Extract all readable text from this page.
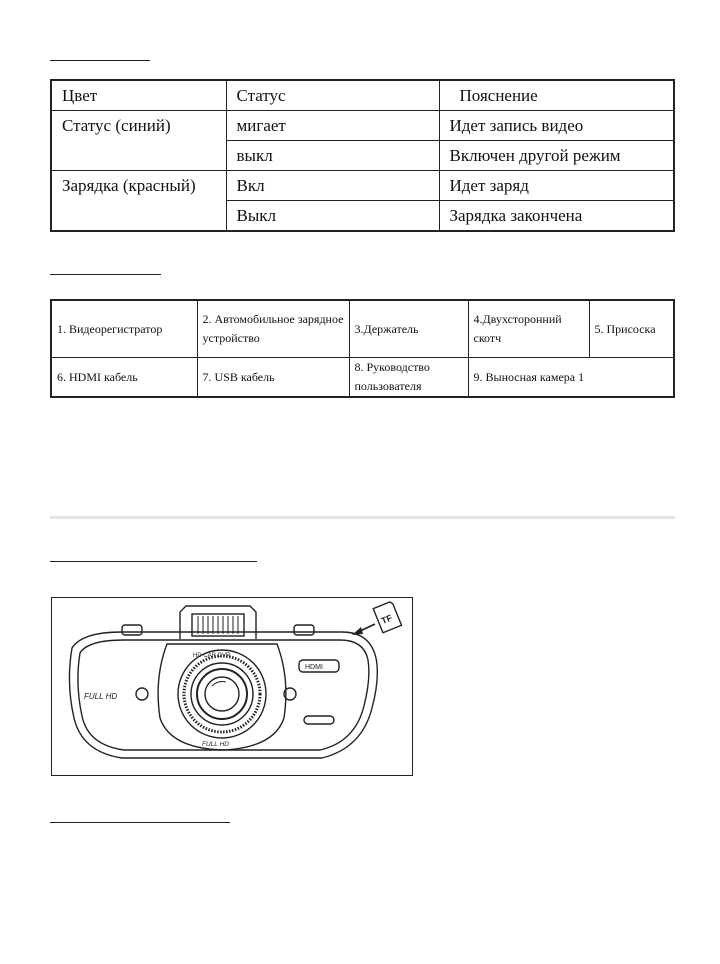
Цвет	Статус	Пояснение
Статус (синий)	мигает	Идет запись видео
	выкл	Включен другой режим
Зарядка (красный)	Вкл	Идет заряд
	Выкл	Зарядка закончена
1. Видеорегистратор	2. Автомобильное зарядное устройство	3.Держатель	4.Двухсторонний скотч	5. Присоска
6. HDMI кабель	7. USB кабель	8. Руководство пользователя	9. Выносная камера 1	
HD CAR DVR
FULL HD
FULL HD
HDMI
TF
